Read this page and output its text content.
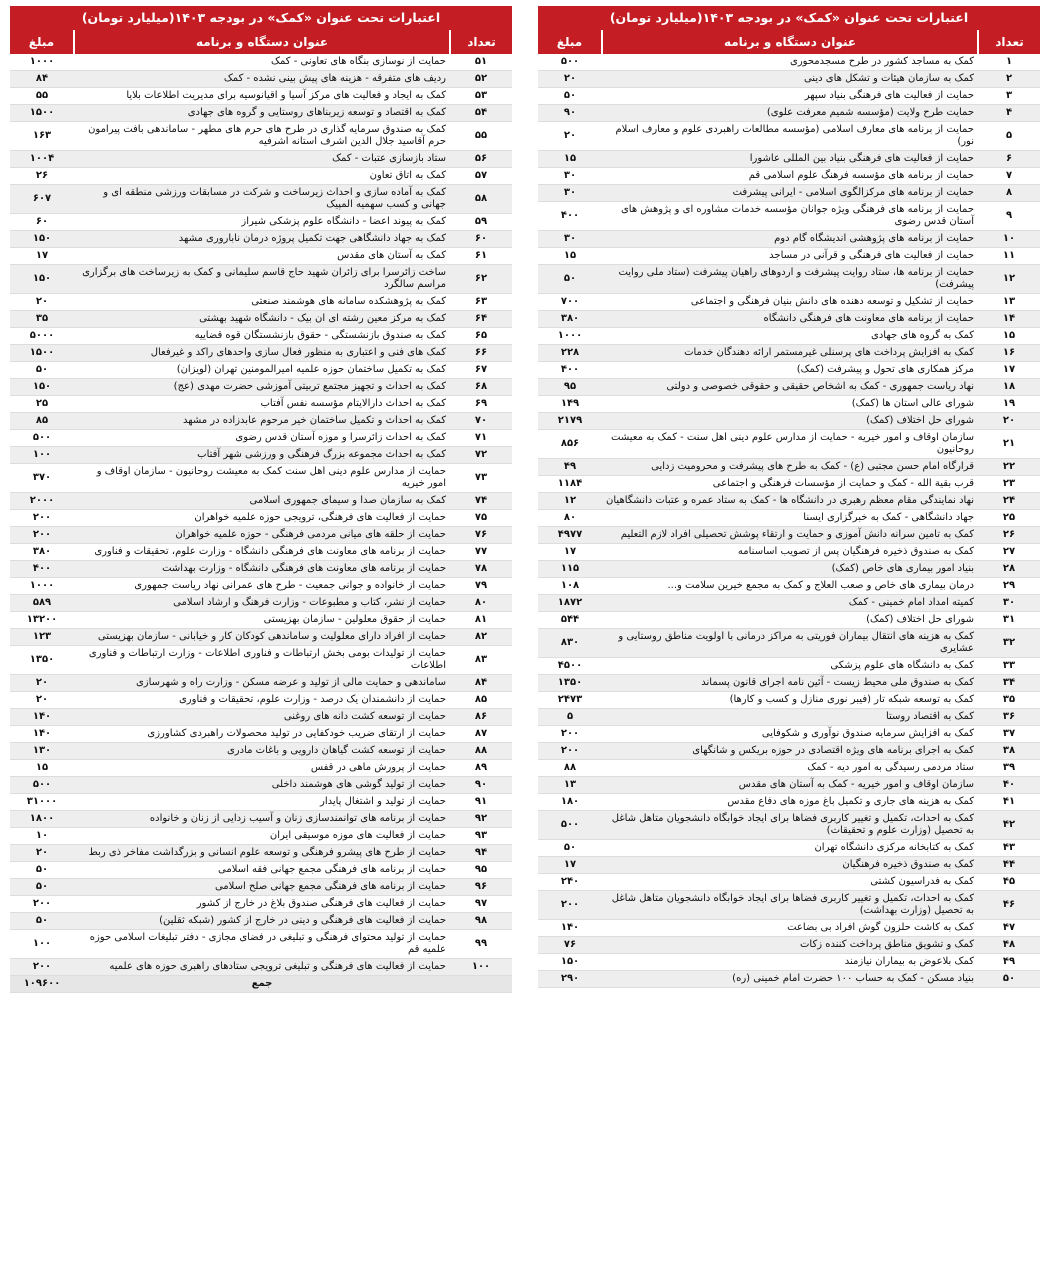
اعتبارات تحت عنوان «کمک» در بودجه ۱۴۰۳(میلیارد تومان)
تعداد	عنوان دستگاه و برنامه	مبلغ
۱	کمک به مساجد کشور در طرح مسجدمحوری	۵۰۰
۲	کمک به سازمان هیئات و تشکل های دینی	۲۰
۳	حمایت از فعالیت های فرهنگی بنیاد سپهر	۵۰
۴	حمایت طرح ولایت (مؤسسه شمیم معرفت علوی)	۹۰
۵	حمایت از برنامه های معارف اسلامی (مؤسسه مطالعات راهبردی علوم و معارف اسلام نور)	۲۰
۶	حمایت از فعالیت های فرهنگی بنیاد بین المللی عاشورا	۱۵
۷	حمایت از برنامه های مؤسسه فرهنگ علوم اسلامی قم	۳۰
۸	حمایت از برنامه های مرکزالگوی اسلامی - ایرانی پیشرفت	۳۰
۹	حمایت از برنامه های فرهنگی ویژه جوانان مؤسسه خدمات مشاوره ای و پژوهش های آستان قدس رضوی	۴۰۰
۱۰	حمایت از برنامه های پژوهشی اندیشگاه گام دوم	۳۰
۱۱	حمایت از فعالیت های فرهنگی و قرآنی در مساجد	۱۵
۱۲	حمایت از برنامه ها، ستاد روایت پیشرفت و اردوهای راهیان پیشرفت (ستاد ملی روایت پیشرفت)	۵۰
۱۳	حمایت از تشکیل و توسعه دهنده های دانش بنیان فرهنگی و اجتماعی	۷۰۰
۱۴	حمایت از برنامه های معاونت های فرهنگی دانشگاه	۳۸۰
۱۵	کمک به گروه های جهادی	۱۰۰۰
۱۶	کمک به افزایش پرداخت های پرسنلی غیرمستمر ارائه دهندگان خدمات	۲۲۸
۱۷	مرکز همکاری های تحول و پیشرفت (کمک)	۴۰۰
۱۸	نهاد ریاست جمهوری - کمک به اشخاص حقیقی و حقوقی خصوصی و دولتی	۹۵
۱۹	شورای عالی استان ها (کمک)	۱۴۹
۲۰	شورای حل اختلاف (کمک)	۲۱۷۹
۲۱	سازمان اوقاف و امور خیریه - حمایت از مدارس علوم دینی اهل سنت - کمک به معیشت روحانیون	۸۵۶
۲۲	قرارگاه امام حسن مجتبی (ع) - کمک به طرح های پیشرفت و محرومیت زدایی	۴۹
۲۳	قرب بقیة الله - کمک و حمایت از مؤسسات فرهنگی و اجتماعی	۱۱۸۴
۲۴	نهاد نمایندگی مقام معظم رهبری در دانشگاه ها - کمک به ستاد عمره و عتبات دانشگاهیان	۱۲
۲۵	جهاد دانشگاهی - کمک به خبرگزاری ایسنا	۸۰
۲۶	کمک به تامین سرانه دانش آموزی و حمایت و ارتقاء پوشش تحصیلی افراد لازم التعلیم	۴۹۷۷
۲۷	کمک به صندوق ذخیره فرهنگیان پس از تصویب اساسنامه	۱۷
۲۸	بنیاد امور بیماری های خاص (کمک)	۱۱۵
۲۹	درمان بیماری های خاص و صعب العلاج و کمک به مجمع خیرین سلامت و...	۱۰۸
۳۰	کمیته امداد امام خمینی - کمک	۱۸۷۲
۳۱	شورای حل اختلاف (کمک)	۵۴۴
۳۲	کمک به هزینه های انتقال بیماران فوریتی به مراکز درمانی با اولویت مناطق روستایی و عشایری	۸۳۰
۳۳	کمک به دانشگاه های علوم پزشکی	۴۵۰۰
۳۴	کمک به صندوق ملی محیط زیست - آئین نامه اجرای قانون پسماند	۱۳۵۰
۳۵	کمک به توسعه شبکه تار (فیبر نوری منازل و کسب و کارها)	۲۴۷۳
۳۶	کمک به اقتصاد روستا	۵
۳۷	کمک به افزایش سرمایه صندوق نوآوری و شکوفایی	۲۰۰
۳۸	کمک به اجرای برنامه های ویژه اقتصادی در حوزه بریکس و شانگهای	۲۰۰
۳۹	ستاد مردمی رسیدگی به امور دیه - کمک	۸۸
۴۰	سازمان اوقاف و امور خیریه - کمک به آستان های مقدس	۱۳
۴۱	کمک به هزینه های جاری و تکمیل باغ موزه های دفاع مقدس	۱۸۰
۴۲	کمک به احداث، تکمیل و تغییر کاربری فضاها برای ایجاد خوابگاه دانشجویان متاهل شاغل به تحصیل (وزارت علوم و تحقیقات)	۵۰۰
۴۳	کمک به کتابخانه مرکزی دانشگاه تهران	۵۰
۴۴	کمک به صندوق ذخیره فرهنگیان	۱۷
۴۵	کمک به فدراسیون کشتی	۲۴۰
۴۶	کمک به احداث، تکمیل و تغییر کاربری فضاها برای ایجاد خوابگاه دانشجویان متاهل شاغل به تحصیل (وزارت بهداشت)	۲۰۰
۴۷	کمک به کاشت حلزون گوش افراد بی بضاعت	۱۴۰
۴۸	کمک و تشویق مناطق پرداخت کننده زکات	۷۶
۴۹	کمک بلاعوض به بیماران نیازمند	۱۵۰
۵۰	بنیاد مسکن - کمک به حساب ۱۰۰ حضرت امام خمینی (ره)	۲۹۰
اعتبارات تحت عنوان «کمک» در بودجه ۱۴۰۳(میلیارد تومان)
تعداد	عنوان دستگاه و برنامه	مبلغ
۵۱	حمایت از نوسازی بنگاه های تعاونی - کمک	۱۰۰۰
۵۲	ردیف های متفرقه - هزینه های پیش بینی نشده - کمک	۸۴
۵۳	کمک به ایجاد و فعالیت های مرکز آسیا و اقیانوسیه برای مدیریت اطلاعات بلایا	۵۵
۵۴	کمک به اقتصاد و توسعه زیربناهای روستایی و گروه های جهادی	۱۵۰۰
۵۵	کمک به صندوق سرمایه گذاری در طرح های حرم های مطهر - ساماندهی بافت پیرامون حرم آقاسید جلال الدین اشرف استانه اشرفیه	۱۶۳
۵۶	ستاد بازسازی عتبات - کمک	۱۰۰۴
۵۷	کمک به اتاق تعاون	۲۶
۵۸	کمک به آماده سازی و احداث زیرساخت و شرکت در مسابقات ورزشی منطقه ای و جهانی و کسب سهمیه المپیک	۶۰۷
۵۹	کمک به پیوند اعضا - دانشگاه علوم پزشکی شیراز	۶۰
۶۰	کمک به جهاد دانشگاهی جهت تکمیل پروژه درمان ناباروری مشهد	۱۵۰
۶۱	کمک به آستان های مقدس	۱۷
۶۲	ساخت زائرسرا برای زائران شهید حاج قاسم سلیمانی و کمک به زیرساخت های برگزاری مراسم سالگرد	۱۵۰
۶۳	کمک به پژوهشکده سامانه های هوشمند صنعتی	۲۰
۶۴	کمک به مرکز معین رشته ای ان بیک - دانشگاه شهید بهشتی	۳۵
۶۵	کمک به صندوق بازنشستگی - حقوق بازنشستگان قوه قضاییه	۵۰۰۰
۶۶	کمک های فنی و اعتباری به منظور فعال سازی واحدهای راکد و غیرفعال	۱۵۰۰
۶۷	کمک به تکمیل ساختمان حوزه علمیه امیرالمومنین تهران (لویزان)	۵۰
۶۸	کمک به احداث و تجهیز مجتمع تربیتی آموزشی حضرت مهدی (عج)	۱۵۰
۶۹	کمک به احداث دارالایتام مؤسسه نفس آفتاب	۲۵
۷۰	کمک به احداث و تکمیل ساختمان خیر مرحوم عابدزاده در مشهد	۸۵
۷۱	کمک به احداث زائرسرا و موزه آستان قدس رضوی	۵۰۰
۷۲	کمک به احداث مجموعه بزرگ فرهنگی و ورزشی شهر آفتاب	۱۰۰
۷۳	حمایت از مدارس علوم دینی اهل سنت کمک به معیشت روحانیون - سازمان اوقاف و امور خیریه	۳۷۰
۷۴	کمک به سازمان صدا و سیمای جمهوری اسلامی	۲۰۰۰
۷۵	حمایت از فعالیت های فرهنگی، ترویجی حوزه علمیه خواهران	۲۰۰
۷۶	حمایت از حلقه های میانی مردمی فرهنگی - حوزه علمیه خواهران	۲۰۰
۷۷	حمایت از برنامه های معاونت های فرهنگی دانشگاه - وزارت علوم، تحقیقات و فناوری	۳۸۰
۷۸	حمایت از برنامه های معاونت های فرهنگی دانشگاه - وزارت بهداشت	۴۰۰
۷۹	حمایت از خانواده و جوانی جمعیت - طرح های عمرانی نهاد ریاست جمهوری	۱۰۰۰
۸۰	حمایت از نشر، کتاب و مطبوعات - وزارت فرهنگ و ارشاد اسلامی	۵۸۹
۸۱	حمایت از حقوق معلولین - سازمان بهزیستی	۱۳۲۰۰
۸۲	حمایت از افراد دارای معلولیت و ساماندهی کودکان کار و خیابانی - سازمان بهزیستی	۱۲۳
۸۳	حمایت از تولیدات بومی بخش ارتباطات و فناوری اطلاعات - وزارت ارتباطات و فناوری اطلاعات	۱۳۵۰
۸۴	ساماندهی و حمایت مالی از تولید و عرضه مسکن - وزارت راه و شهرسازی	۲۰
۸۵	حمایت از دانشمندان یک درصد - وزارت علوم، تحقیقات و فناوری	۲۰
۸۶	حمایت از توسعه کشت دانه های روغنی	۱۴۰
۸۷	حمایت از ارتقای ضریب خودکفایی در تولید محصولات راهبردی کشاورزی	۱۴۰
۸۸	حمایت از توسعه کشت گیاهان دارویی و باغات مادری	۱۳۰
۸۹	حمایت از پرورش ماهی در قفس	۱۵
۹۰	حمایت از تولید گوشی های هوشمند داخلی	۵۰۰
۹۱	حمایت از تولید و اشتغال پایدار	۳۱۰۰۰
۹۲	حمایت از برنامه های توانمندسازی زنان و آسیب زدایی از زنان و خانواده	۱۸۰۰
۹۳	حمایت از فعالیت های موزه موسیقی ایران	۱۰
۹۴	حمایت از طرح های پیشرو فرهنگی و توسعه علوم انسانی و بزرگداشت مفاخر ذی ربط	۲۰
۹۵	حمایت از برنامه های فرهنگی مجمع جهانی فقه اسلامی	۵۰
۹۶	حمایت از برنامه های فرهنگی مجمع جهانی صلح اسلامی	۵۰
۹۷	حمایت از فعالیت های فرهنگی صندوق بلاغ در خارج از کشور	۲۰۰
۹۸	حمایت از فعالیت های فرهنگی و دینی در خارج از کشور (شبکه ثقلین)	۵۰
۹۹	حمایت از تولید محتوای فرهنگی و تبلیغی در فضای مجازی - دفتر تبلیغات اسلامی حوزه علمیه قم	۱۰۰
۱۰۰	حمایت از فعالیت های فرهنگی و تبلیغی ترویجی ستادهای راهبری حوزه های علمیه	۲۰۰
	جمع	۱۰۹۶۰۰
